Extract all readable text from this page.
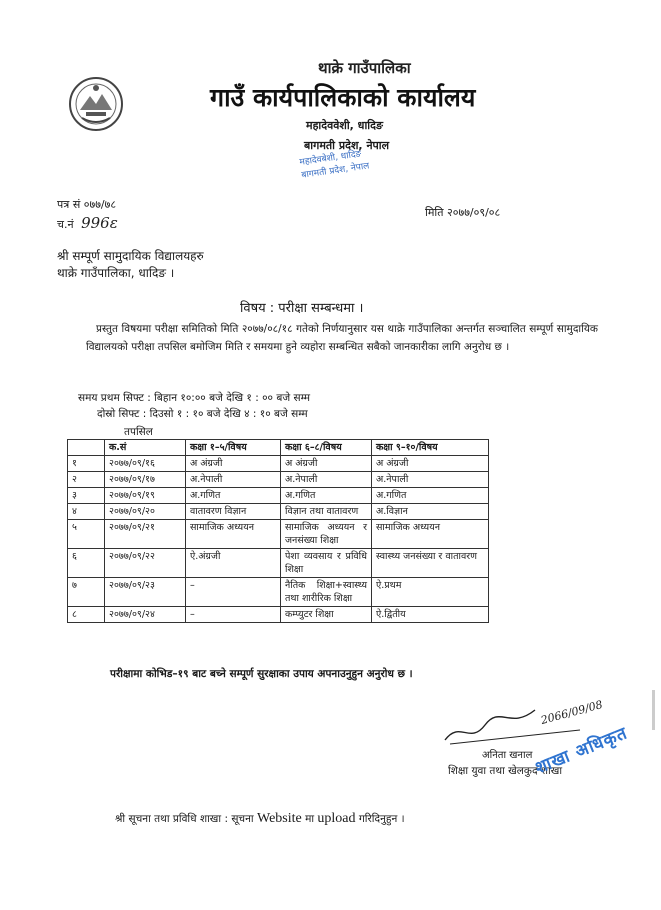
थाक्रे गाउँपालिका
गाउँ कार्यपालिकाको कार्यालय
महादेववेशी, धादिङ
बागमती प्रदेश, नेपाल
महादेवबेशी, धादिङ बागमती प्रदेश, नेपाल
पत्र सं ०७७/७८
च.नं 996ε
मिति २०७७/०९/०८
श्री सम्पूर्ण सामुदायिक विद्यालयहरु
थाक्रे गाउँपालिका, धादिङ ।
विषय : परीक्षा सम्बन्धमा ।
प्रस्तुत विषयमा परीक्षा समितिको मिति २०७७/०८/१८ गतेको निर्णयानुसार यस थाक्रे गाउँपालिका अन्तर्गत सञ्चालित सम्पूर्ण सामुदायिक विद्यालयको परीक्षा तपसिल बमोजिम मिति र समयमा हुने व्यहोरा सम्बन्धित सबैको जानकारीका लागि अनुरोध छ ।
समय प्रथम सिफ्ट : बिहान १०:०० बजे देखि १ : ०० बजे सम्म
दोस्रो सिफ्ट : दिउसो १ : १० बजे देखि ४ : १० बजे सम्म
तपसिल
	क.सं	कक्षा १–५/विषय	कक्षा ६–८/विषय	कक्षा ९–१०/विषय
१	२०७७/०९/१६	अ अंग्रजी	अ अंग्रजी	अ अंग्रजी
२	२०७७/०९/१७	अ.नेपाली	अ.नेपाली	अ.नेपाली
३	२०७७/०९/१९	अ.गणित	अ.गणित	अ.गणित
४	२०७७/०९/२०	वातावरण विज्ञान	विज्ञान तथा वातावरण	अ.विज्ञान
५	२०७७/०९/२१	सामाजिक अध्ययन	सामाजिक अध्ययन र जनसंख्या शिक्षा	सामाजिक अध्ययन
६	२०७७/०९/२२	ऐ.अंग्रजी	पेशा व्यवसाय र प्रविधि शिक्षा	स्वास्थ्य जनसंख्या र वातावरण
७	२०७७/०९/२३	–	नैतिक शिक्षा+स्वास्थ्य तथा शारीरिक शिक्षा	ऐ.प्रथम
८	२०७७/०९/२४	–	कम्प्युटर शिक्षा	ऐ.द्वितीय
परीक्षामा कोभिड–१९ बाट बच्ने सम्पूर्ण सुरक्षाका उपाय अपनाउनुहुन अनुरोध छ ।
2066/09/08
अनिता खनाल
शिक्षा युवा तथा खेलकुद शाखा
शाखा अधिकृत
श्री सूचना तथा प्रविधि शाखा : सूचना Website मा upload गरिदिनुहुन ।
